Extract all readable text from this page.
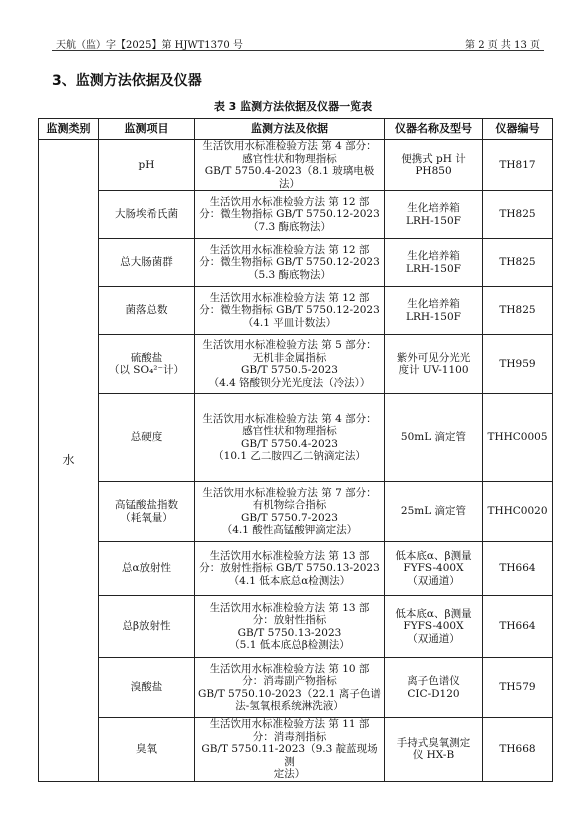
天航（监）字【2025】第 HJWT1370 号	第 2 页 共 13 页
3、监测方法依据及仪器
表 3 监测方法依据及仪器一览表
监测类别	监测项目	监测方法及依据	仪器名称及型号	仪器编号
水	pH	生活饮用水标准检验方法 第 4 部分：
感官性状和物理指标
GB/T 5750.4-2023（8.1 玻璃电极法）	便携式 pH 计
PH850	TH817
	大肠埃希氏菌	生活饮用水标准检验方法 第 12 部
分：微生物指标 GB/T 5750.12-2023
（7.3 酶底物法）	生化培养箱
LRH-150F	TH825
	总大肠菌群	生活饮用水标准检验方法 第 12 部
分：微生物指标 GB/T 5750.12-2023
（5.3 酶底物法）	生化培养箱
LRH-150F	TH825
	菌落总数	生活饮用水标准检验方法 第 12 部
分：微生物指标 GB/T 5750.12-2023
（4.1 平皿计数法）	生化培养箱
LRH-150F	TH825
	硫酸盐
（以 SO₄²⁻计）	生活饮用水标准检验方法 第 5 部分：
无机非金属指标
GB/T 5750.5-2023
（4.4 铬酸钡分光光度法（冷法））	紫外可见分光光
度计 UV-1100	TH959
	总硬度	生活饮用水标准检验方法 第 4 部分：
感官性状和物理指标
GB/T 5750.4-2023
（10.1 乙二胺四乙二钠滴定法）	50mL 滴定管	THHC0005
	高锰酸盐指数
（耗氧量）	生活饮用水标准检验方法 第 7 部分：
有机物综合指标
GB/T 5750.7-2023
（4.1 酸性高锰酸钾滴定法）	25mL 滴定管	THHC0020
	总α放射性	生活饮用水标准检验方法 第 13 部
分：放射性指标 GB/T 5750.13-2023
（4.1 低本底总α检测法）	低本底α、β测量
FYFS-400X
（双通道）	TH664
	总β放射性	生活饮用水标准检验方法 第 13 部
分：放射性指标
GB/T 5750.13-2023
（5.1 低本底总β检测法）	低本底α、β测量
FYFS-400X
（双通道）	TH664
	溴酸盐	生活饮用水标准检验方法 第 10 部
分：消毒副产物指标
GB/T 5750.10-2023（22.1 离子色谱
法-氢氧根系统淋洗液）	离子色谱仪
CIC-D120	TH579
	臭氧	生活饮用水标准检验方法 第 11 部
分：消毒剂指标
GB/T 5750.11-2023（9.3 靛蓝现场测
定法）	手持式臭氧测定
仪 HX-B	TH668
